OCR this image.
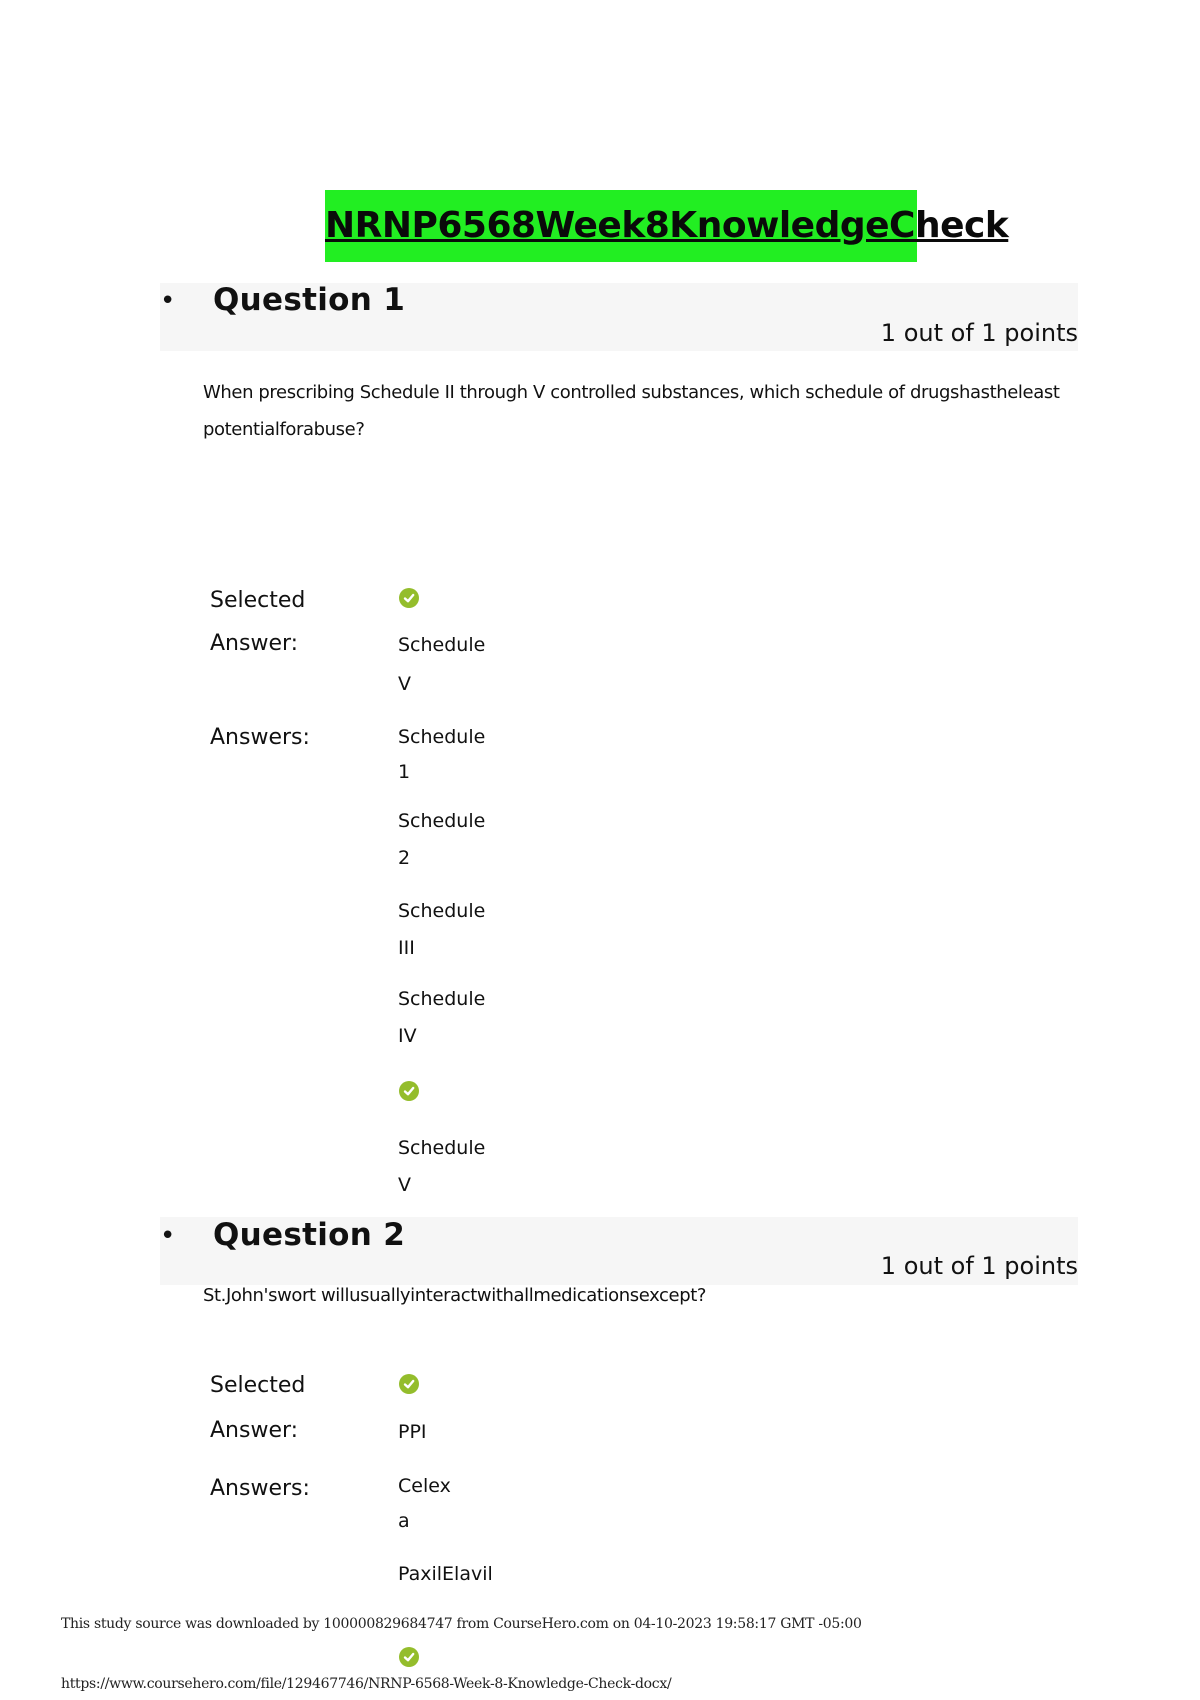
NRNP6568Week8KnowledgeCheck
• Question 1
1 out of 1 points
When prescribing Schedule II through V controlled substances, which schedule of drugshastheleast
potentialforabuse?
Selected
Answer:	Schedule
V
Answers:	Schedule
1
Schedule
2
Schedule
III
Schedule
IV
Schedule
V
• Question 2
1 out of 1 points
St.John'swort willusuallyinteractwithallmedicationsexcept?
Selected
Answer:	PPI
Answers:	Celex
a
PaxilElavil
This study source was downloaded by 100000829684747 from CourseHero.com on 04-10-2023 19:58:17 GMT -05:00
https://www.coursehero.com/file/129467746/NRNP-6568-Week-8-Knowledge-Check-docx/
